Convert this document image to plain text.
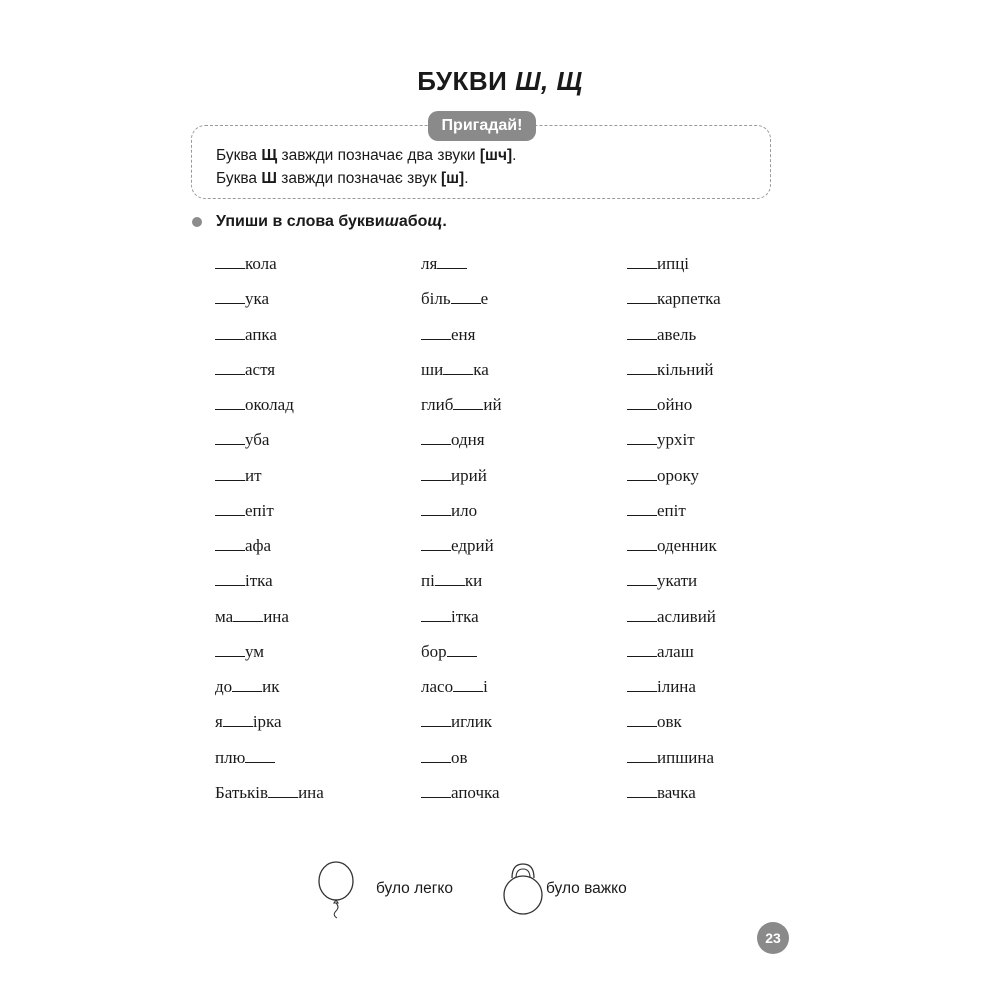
БУКВИ Ш, Щ
Пригадай!
Буква Щ завжди позначає два звуки [шч].
Буква Ш завжди позначає звук [ш].
Упиши в слова букви ш або щ .
кола
ука
апка
астя
околад
уба
ит
епіт
афа
ітка
ма ина
ум
до ик
я ірка
плю
Батьків ина
ля
біль е
еня
ши ка
глиб ий
одня
ирий
ило
едрий
пі ки
ітка
бор
ласо і
иглик
ов
апочка
ипці
карпетка
авель
кільний
ойно
урхіт
ороку
епіт
оденник
укати
асливий
алаш
ілина
овк
ипшина
вачка
було легко	було важко
23
